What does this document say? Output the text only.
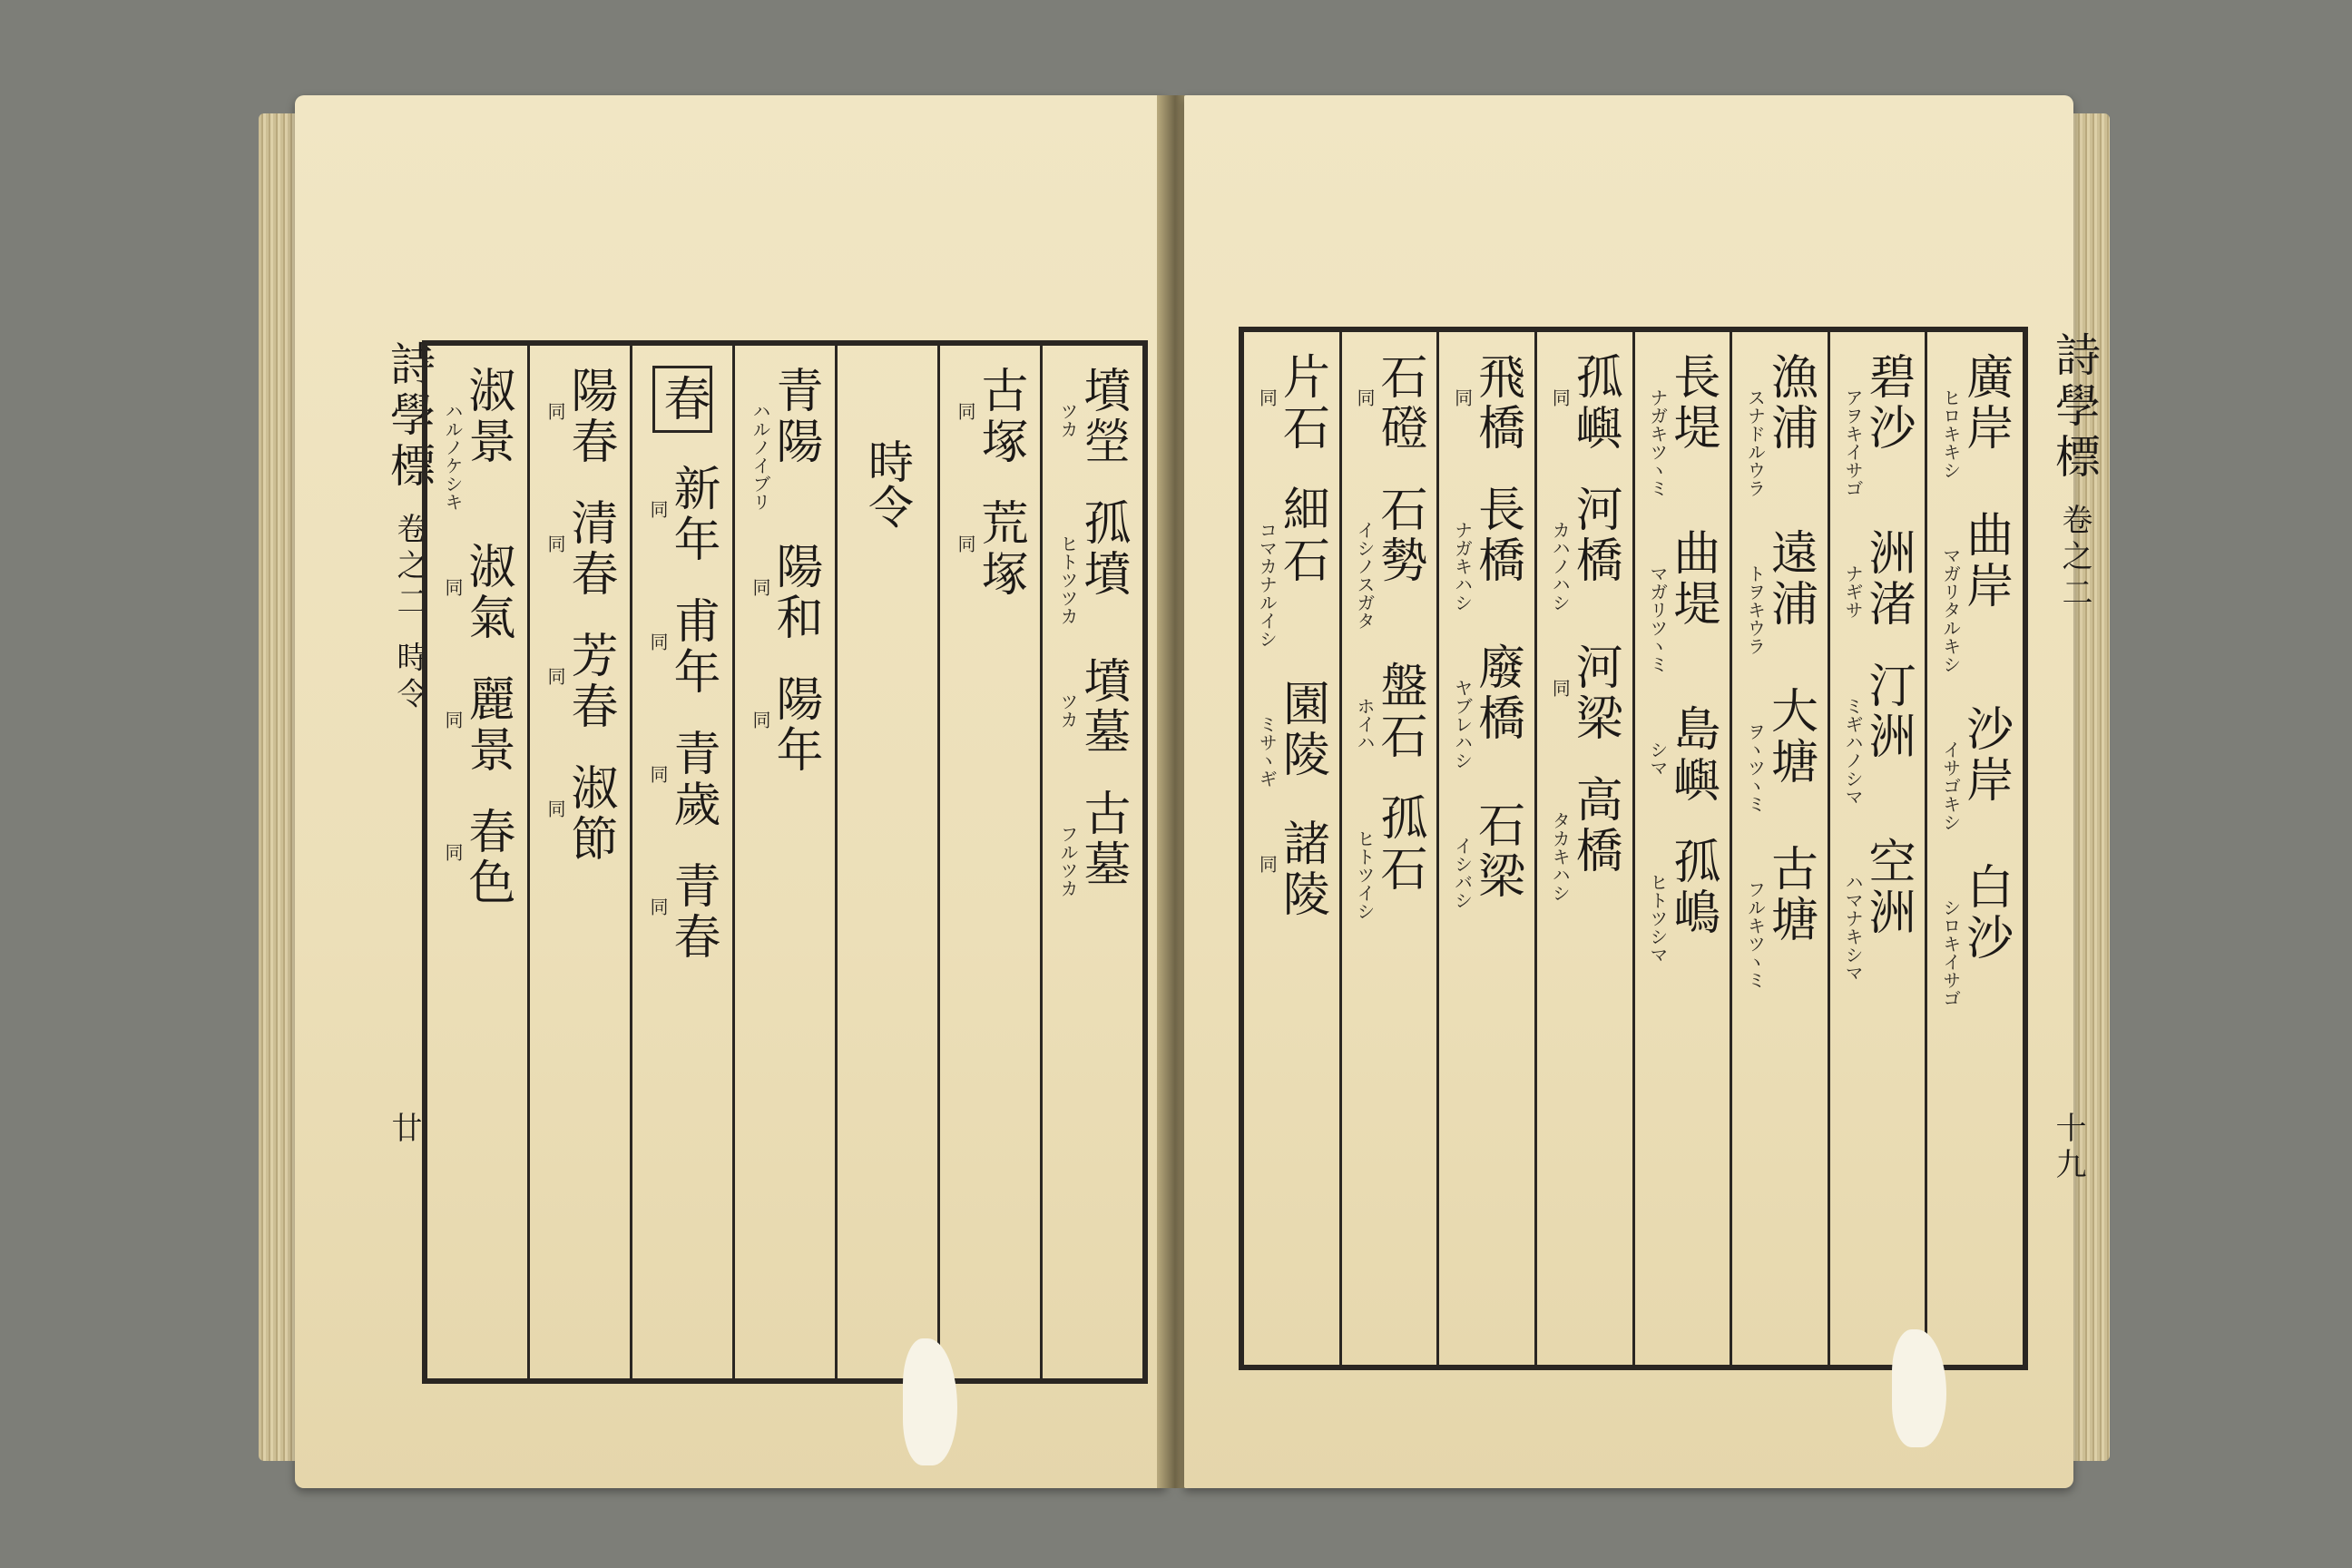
詩學標 卷之二 時令
廿
ツカ
墳塋
ヒトツツカ
孤墳
ツカ
墳墓
フルツカ
古墓
同
古塚
同
荒塚
時令
ハルノイブリ
青陽
同
陽和
同
陽年
春
同
新年
同
甫年
同
青歲
同
青春
同
陽春
同
清春
同
芳春
同
淑節
ハルノケシキ
淑景
同
淑氣
同
麗景
同
春色
詩學標 卷之二
十九
ヒロキキシ
廣岸
マガリタルキシ
曲岸
イサゴキシ
沙岸
シロキイサゴ
白沙
アヲキイサゴ
碧沙
ナギサ
洲渚
ミギハノシマ
汀洲
ハマナキシマ
空洲
スナドルウラ
漁浦
トヲキウラ
遠浦
ヲヽツヽミ
大塘
フルキツヽミ
古塘
ナガキツヽミ
長堤
マガリツヽミ
曲堤
シマ
島嶼
ヒトツシマ
孤嶋
同
孤嶼
カハノハシ
河橋
同
河梁
タカキハシ
高橋
同
飛橋
ナガキハシ
長橋
ヤブレハシ
廢橋
イシバシ
石梁
同
石磴
イシノスガタ
石勢
ホイハ
盤石
ヒトツイシ
孤石
同
片石
コマカナルイシ
細石
ミサヽギ
園陵
同
諸陵
